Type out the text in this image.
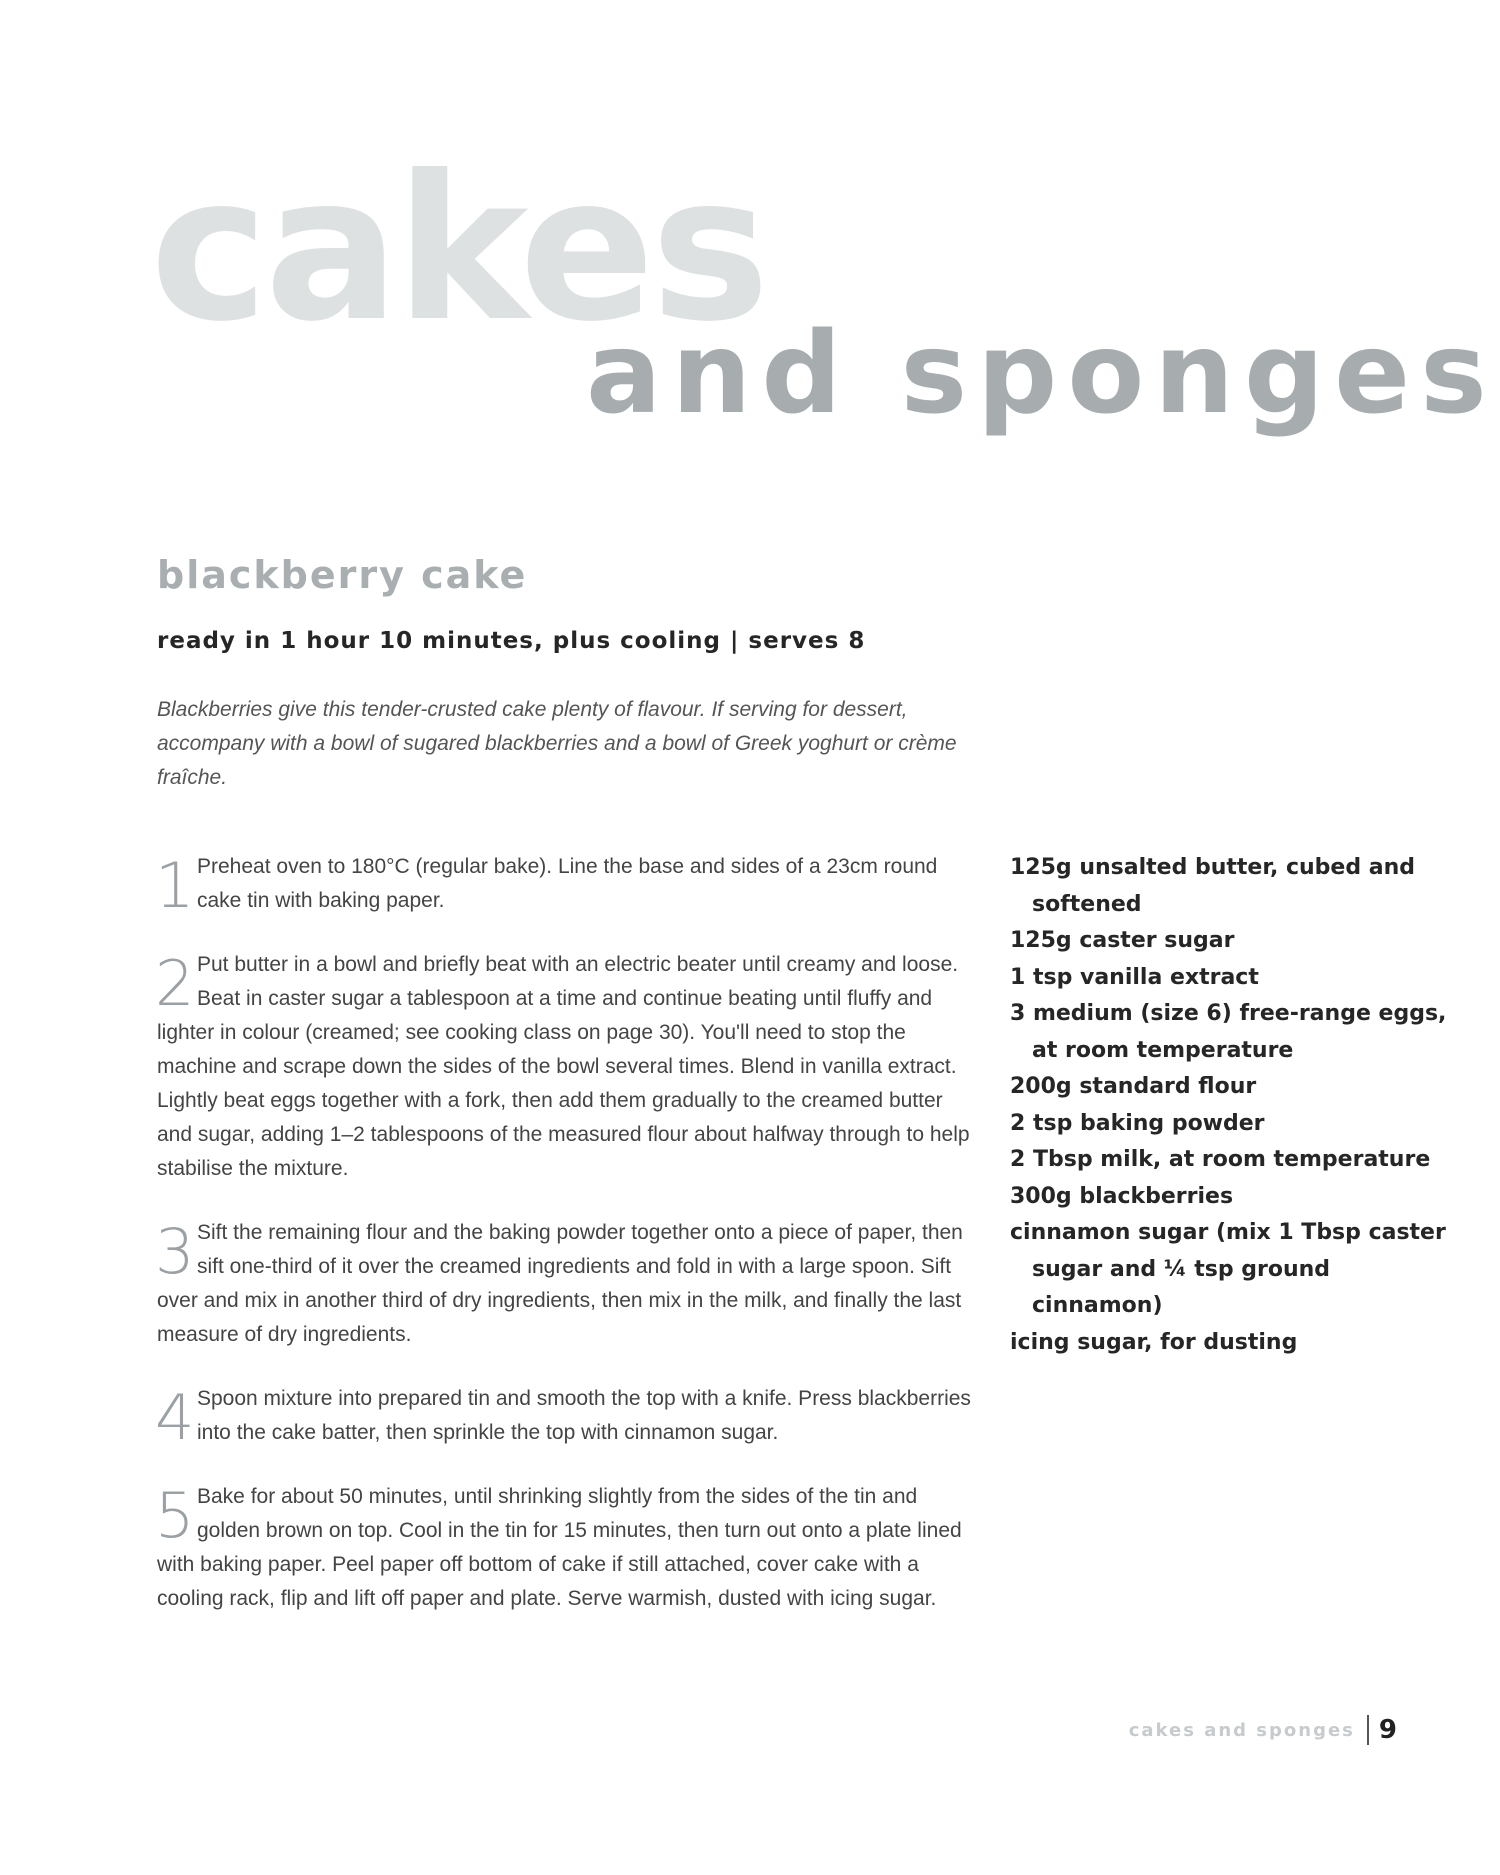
cakes
and sponges
blackberry cake
ready in 1 hour 10 minutes, plus cooling | serves 8
Blackberries give this tender-crusted cake plenty of flavour. If serving for dessert, accompany with a bowl of sugared blackberries and a bowl of Greek yoghurt or crème fraîche.
1 Preheat oven to 180°C (regular bake). Line the base and sides of a 23cm round cake tin with baking paper.
2 Put butter in a bowl and briefly beat with an electric beater until creamy and loose. Beat in caster sugar a tablespoon at a time and continue beating until fluffy and lighter in colour (creamed; see cooking class on page 30). You'll need to stop the machine and scrape down the sides of the bowl several times. Blend in vanilla extract. Lightly beat eggs together with a fork, then add them gradually to the creamed butter and sugar, adding 1–2 tablespoons of the measured flour about halfway through to help stabilise the mixture.
3 Sift the remaining flour and the baking powder together onto a piece of paper, then sift one-third of it over the creamed ingredients and fold in with a large spoon. Sift over and mix in another third of dry ingredients, then mix in the milk, and finally the last measure of dry ingredients.
4 Spoon mixture into prepared tin and smooth the top with a knife. Press blackberries into the cake batter, then sprinkle the top with cinnamon sugar.
5 Bake for about 50 minutes, until shrinking slightly from the sides of the tin and golden brown on top. Cool in the tin for 15 minutes, then turn out onto a plate lined with baking paper. Peel paper off bottom of cake if still attached, cover cake with a cooling rack, flip and lift off paper and plate. Serve warmish, dusted with icing sugar.
125g unsalted butter, cubed and softened
125g caster sugar
1 tsp vanilla extract
3 medium (size 6) free-range eggs, at room temperature
200g standard flour
2 tsp baking powder
2 Tbsp milk, at room temperature
300g blackberries
cinnamon sugar (mix 1 Tbsp caster sugar and ¼ tsp ground cinnamon)
icing sugar, for dusting
cakes and sponges 9
